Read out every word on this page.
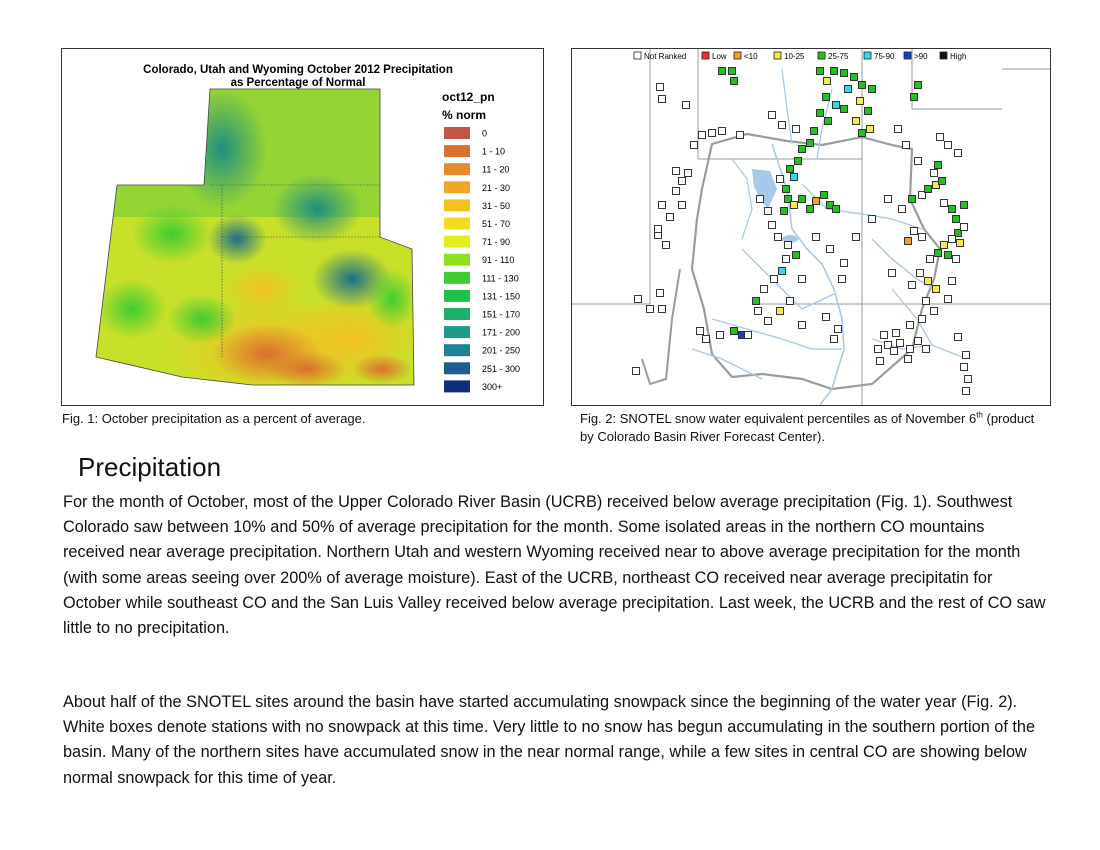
Colorado, Utah and Wyoming October 2012 Precipitation
as Percentage of Normal
oct12_pn
% norm
0
1 - 10
11 - 20
21 - 30
31 - 50
51 - 70
71 - 90
91 - 110
111 - 130
131 - 150
151 - 170
171 - 200
201 - 250
251 - 300
300+
Fig. 1: October precipitation as a percent of average.
Not Ranked	Low <10	10-25	25-75	75-90 >90	High
Fig. 2: SNOTEL snow water equivalent percentiles as of November 6th (product by Colorado Basin River Forecast Center).
Precipitation

For the month of October, most of the Upper Colorado River Basin (UCRB) received below average precipitation (Fig. 1). Southwest Colorado saw between 10% and 50% of average precipitation for the month. Some isolated areas in the northern CO mountains received near average precipitation. Northern Utah and western Wyoming received near to above average precipitation for the month (with some areas seeing over 200% of average moisture). East of the UCRB, northeast CO received near average precipitatin for October while southeast CO and the San Luis Valley received below average precipitation. Last week, the UCRB and the rest of CO saw little to no precipitation.

About half of the SNOTEL sites around the basin have started accumulating snowpack since the beginning of the water year (Fig. 2). White boxes denote stations with no snowpack at this time. Very little to no snow has begun accumulating in the southern portion of the basin. Many of the northern sites have accumulated snow in the near normal range, while a few sites in central CO are showing below normal snowpack for this time of year.
